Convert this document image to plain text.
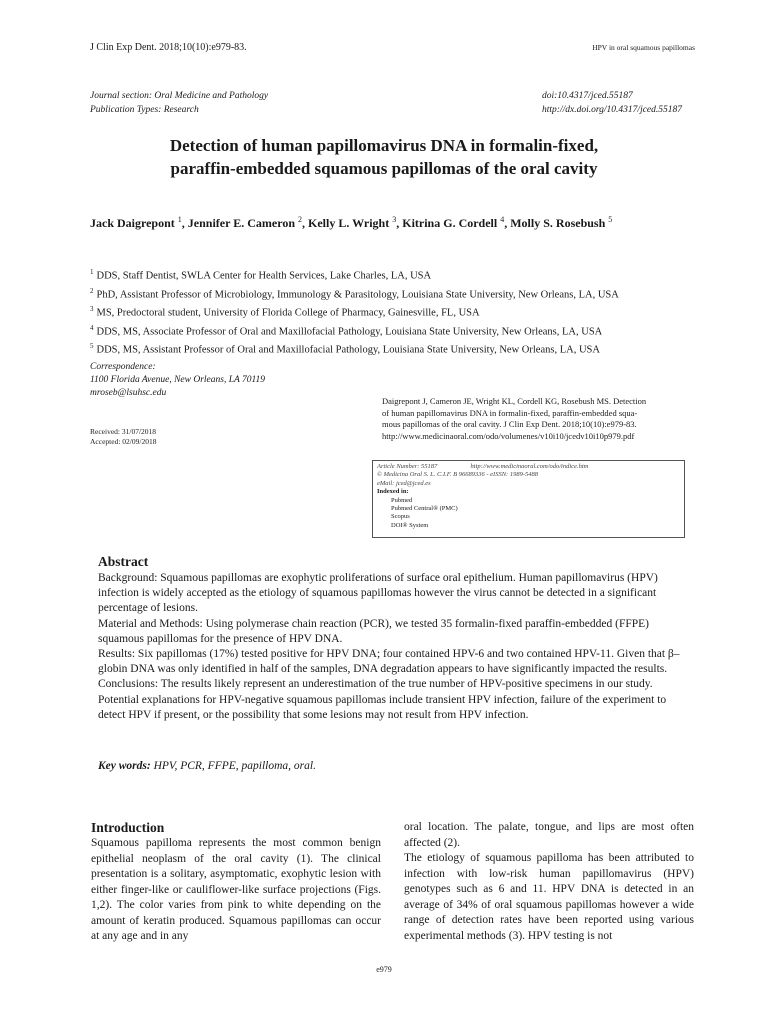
J Clin Exp Dent. 2018;10(10):e979-83.	HPV in oral squamous papillomas
Journal section: Oral Medicine and Pathology
Publication Types: Research
doi:10.4317/jced.55187
http://dx.doi.org/10.4317/jced.55187
Detection of human papillomavirus DNA in formalin-fixed,
paraffin-embedded squamous papillomas of the oral cavity
Jack Daigrepont $^1$, Jennifer E. Cameron $^2$, Kelly L. Wright $^3$, Kitrina G. Cordell $^4$, Molly S. Rosebush $^5$
$^1$ DDS, Staff Dentist, SWLA Center for Health Services, Lake Charles, LA, USA
$^2$ PhD, Assistant Professor of Microbiology, Immunology & Parasitology, Louisiana State University, New Orleans, LA, USA
$^3$ MS, Predoctoral student, University of Florida College of Pharmacy, Gainesville, FL, USA
$^4$ DDS, MS, Associate Professor of Oral and Maxillofacial Pathology, Louisiana State University, New Orleans, LA, USA
$^5$ DDS, MS, Assistant Professor of Oral and Maxillofacial Pathology, Louisiana State University, New Orleans, LA, USA
Correspondence:
1100 Florida Avenue, New Orleans, LA 70119
mroseb@lsuhsc.edu
Received: 31/07/2018
Accepted: 02/09/2018
Daigrepont J, Cameron JE, Wright KL, Cordell KG, Rosebush MS. Detection
of human papillomavirus DNA in formalin-fixed, paraffin-embedded squa-
mous papillomas of the oral cavity. J Clin Exp Dent. 2018;10(10):e979-83.
http://www.medicinaoral.com/odo/volumenes/v10i10/jcedv10i10p979.pdf
Article Number: 55187	http://www.medicinaoral.com/odo/indice.htm
© Medicina Oral S. L. C.I.F. B 96689336 - eISSN: 1989-5488
eMail: jced@jced.es
Indexed in:
Pubmed
Pubmed Central® (PMC)
Scopus
DOI® System
Abstract

Background: Squamous papillomas are exophytic proliferations of surface oral epithelium. Human papillomavirus (HPV) infection is widely accepted as the etiology of squamous papillomas however the virus cannot be detected in a significant percentage of lesions.

Material and Methods: Using polymerase chain reaction (PCR), we tested 35 formalin-fixed paraffin-embedded (FFPE) squamous papillomas for the presence of HPV DNA.

Results: Six papillomas (17%) tested positive for HPV DNA; four contained HPV-6 and two contained HPV-11. Given that β–globin DNA was only identified in half of the samples, DNA degradation appears to have significantly impacted the results.

Conclusions: The results likely represent an underestimation of the true number of HPV-positive specimens in our study. Potential explanations for HPV-negative squamous papillomas include transient HPV infection, failure of the experiment to detect HPV if present, or the possibility that some lesions may not result from HPV infection.

Key words: HPV, PCR, FFPE, papilloma, oral.
Introduction
Squamous papilloma represents the most common benign epithelial neoplasm of the oral cavity (1). The clinical presentation is a solitary, asymptomatic, exophytic lesion with either finger-like or cauliflower-like surface projections (Figs. 1,2). The color varies from pink to white depending on the amount of keratin produced. Squamous papillomas can occur at any age and in any

oral location. The palate, tongue, and lips are most often affected (2).

The etiology of squamous papilloma has been attributed to infection with low-risk human papillomavirus (HPV) genotypes such as 6 and 11. HPV DNA is detected in an average of 34% of oral squamous papillomas however a wide range of detection rates have been reported using various experimental methods (3). HPV testing is not

e979
